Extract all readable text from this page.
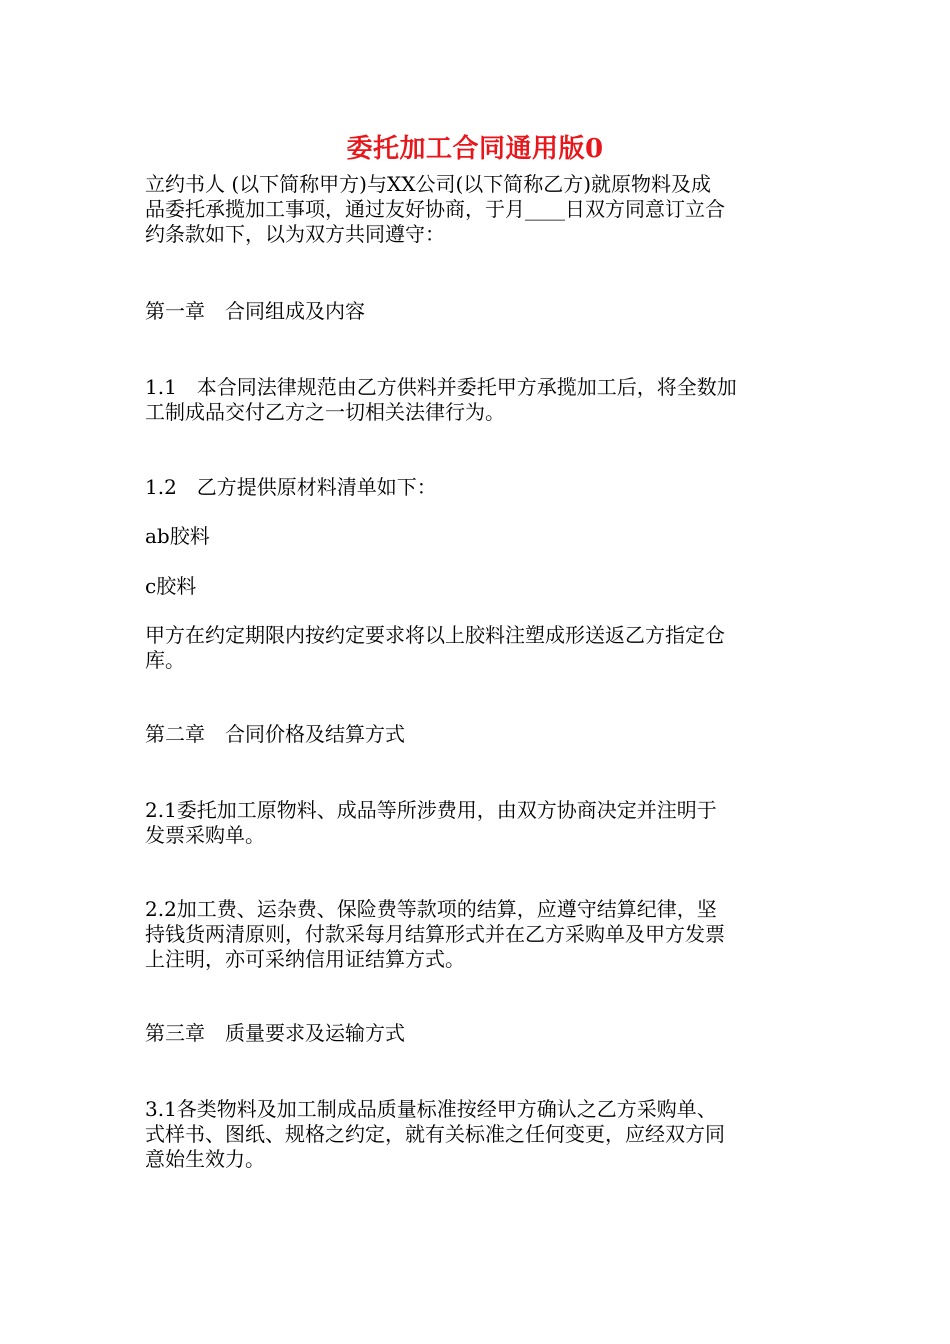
委托加工合同通用版0
立约书人 (以下简称甲方)与XX公司(以下简称乙方)就原物料及成
品委托承揽加工事项，通过友好协商，于月____日双方同意订立合
约条款如下，以为双方共同遵守：
第一章　合同组成及内容
1.1　本合同法律规范由乙方供料并委托甲方承揽加工后，将全数加
工制成品交付乙方之一切相关法律行为。
1.2　乙方提供原材料清单如下：
ab胶料
c胶料
甲方在约定期限内按约定要求将以上胶料注塑成形送返乙方指定仓
库。
第二章　合同价格及结算方式
2.1委托加工原物料、成品等所涉费用，由双方协商决定并注明于
发票采购单。
2.2加工费、运杂费、保险费等款项的结算，应遵守结算纪律，坚
持钱货两清原则，付款采每月结算形式并在乙方采购单及甲方发票
上注明，亦可采纳信用证结算方式。
第三章　质量要求及运输方式
3.1各类物料及加工制成品质量标准按经甲方确认之乙方采购单、
式样书、图纸、规格之约定，就有关标准之任何变更，应经双方同
意始生效力。
